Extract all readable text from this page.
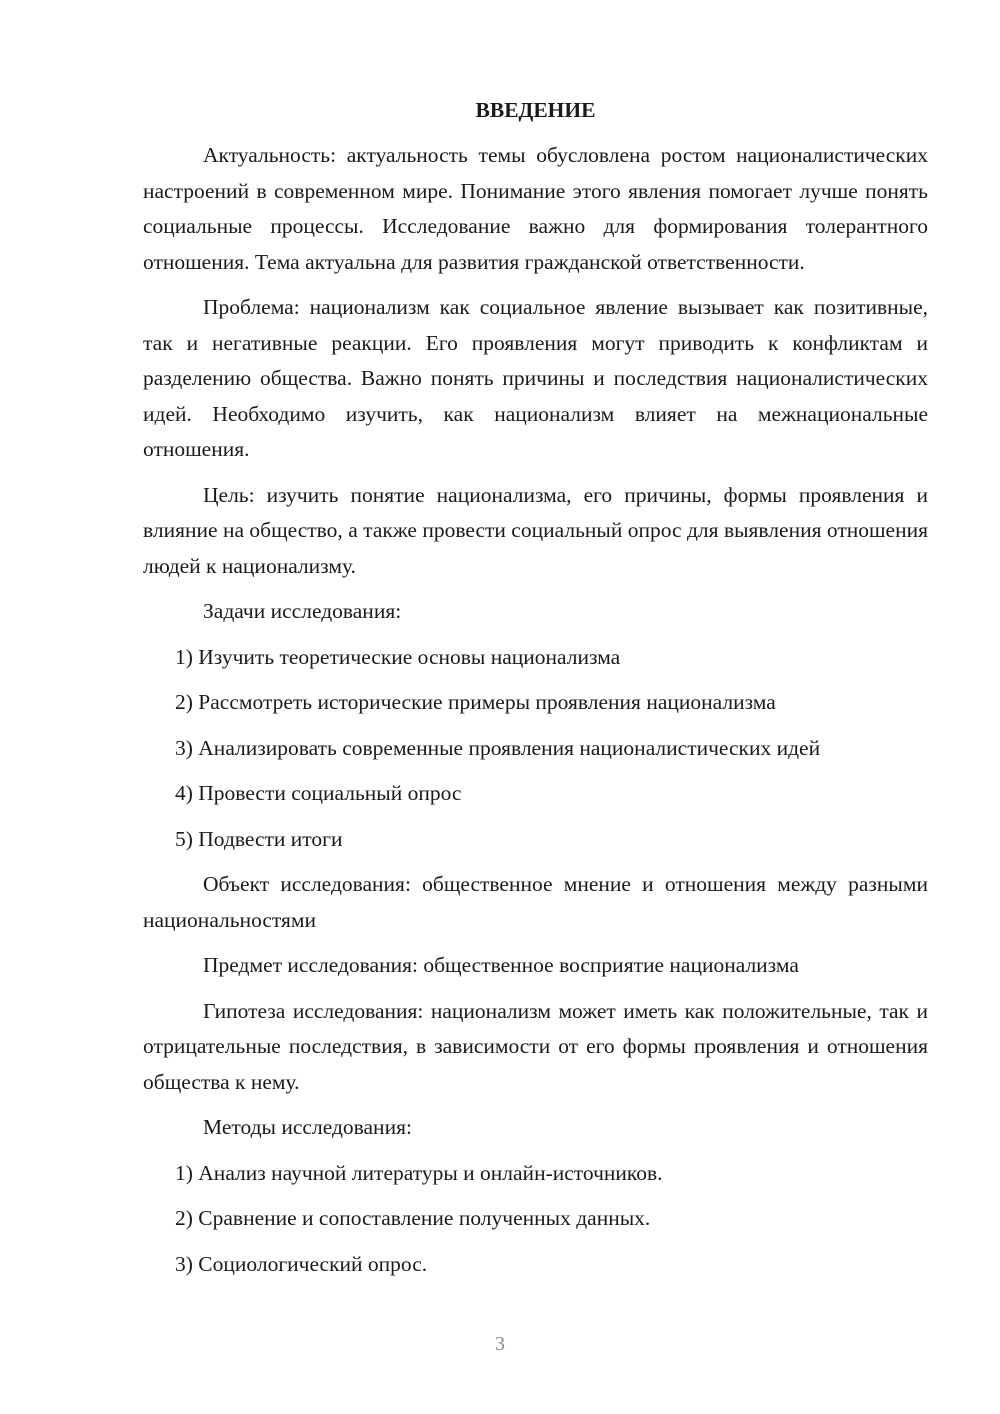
ВВЕДЕНИЕ

Актуальность: актуальность темы обусловлена ростом националистических настроений в современном мире. Понимание этого явления помогает лучше понять социальные процессы. Исследование важно для формирования толерантного отношения. Тема актуальна для развития гражданской ответственности.

Проблема: национализм как социальное явление вызывает как позитивные, так и негативные реакции. Его проявления могут приводить к конфликтам и разделению общества. Важно понять причины и последствия националистических идей. Необходимо изучить, как национализм влияет на межнациональные отношения.

Цель: изучить понятие национализма, его причины, формы проявления и влияние на общество, а также провести социальный опрос для выявления отношения людей к национализму.

Задачи исследования:

1) Изучить теоретические основы национализма
2) Рассмотреть исторические примеры проявления национализма
3) Анализировать современные проявления националистических идей
4) Провести социальный опрос
5) Подвести итоги

Объект исследования: общественное мнение и отношения между разными национальностями

Предмет исследования: общественное восприятие национализма

Гипотеза исследования: национализм может иметь как положительные, так и отрицательные последствия, в зависимости от его формы проявления и отношения общества к нему.

Методы исследования:

1) Анализ научной литературы и онлайн-источников.
2) Сравнение и сопоставление полученных данных.
3) Социологический опрос.
3
